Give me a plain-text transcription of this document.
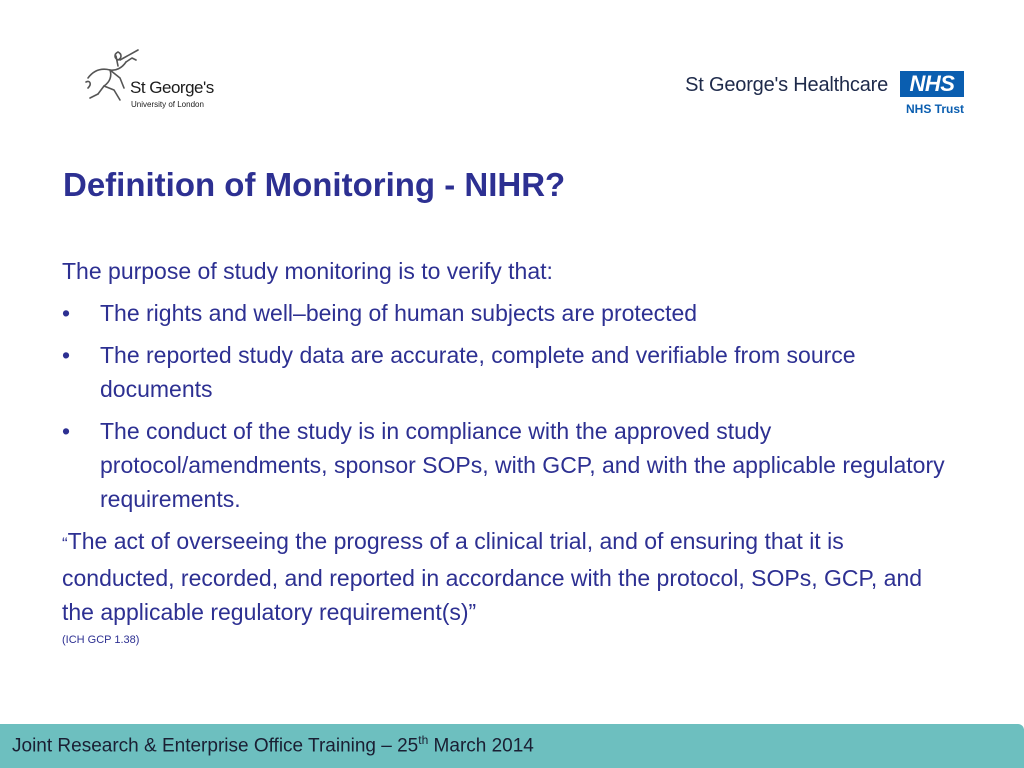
St George's
University of London
St George's Healthcare NHS
NHS Trust
Definition of Monitoring - NIHR?

The purpose of study monitoring is to verify that:

• The rights and well–being of human subjects are protected
• The reported study data are accurate, complete and verifiable from source documents
• The conduct of the study is in compliance with the approved study protocol/amendments, sponsor SOPs, with GCP, and with the applicable regulatory requirements.

“The act of overseeing the progress of a clinical trial, and of ensuring that it is conducted, recorded, and reported in accordance with the protocol, SOPs, GCP, and the applicable regulatory requirement(s)”

(ICH GCP 1.38)

Joint Research & Enterprise Office Training – 25th March 2014
